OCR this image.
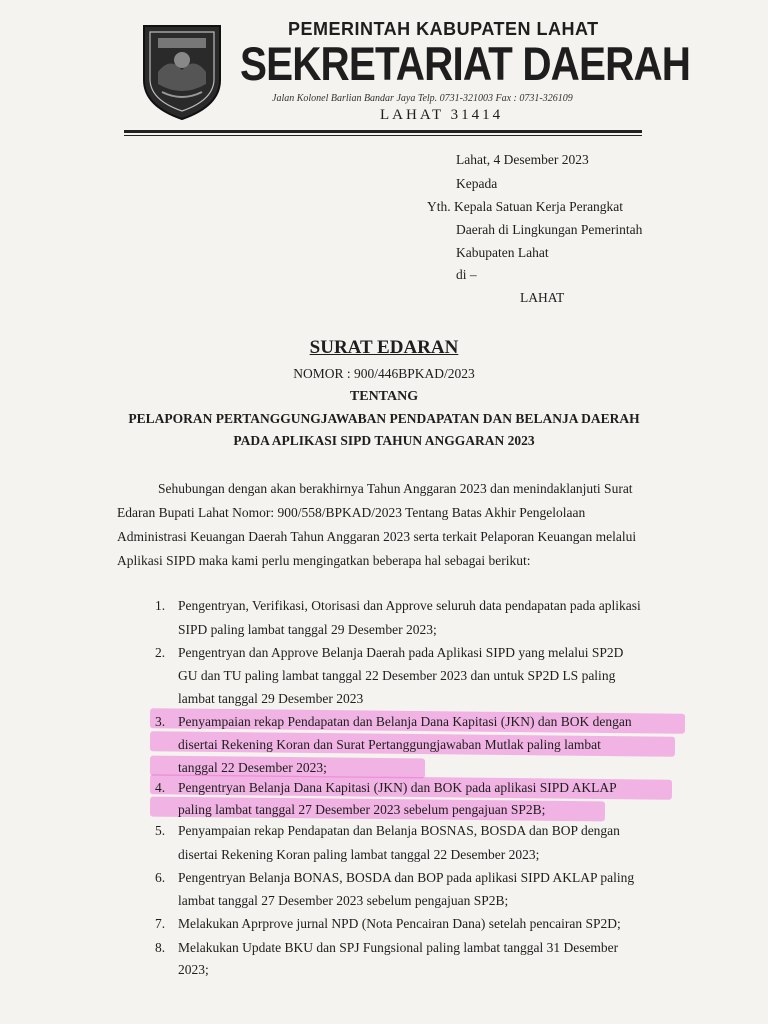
PEMERINTAH KABUPATEN LAHAT
SEKRETARIAT DAERAH
Jalan Kolonel Barlian Bandar Jaya Telp. 0731-321003 Fax : 0731-326109
LAHAT 31414
Lahat, 4 Desember 2023
Kepada
Yth. Kepala Satuan Kerja Perangkat
Daerah di Lingkungan Pemerintah
Kabupaten Lahat
di –
LAHAT
SURAT EDARAN
NOMOR : 900/446BPKAD/2023
TENTANG
PELAPORAN PERTANGGUNGJAWABAN PENDAPATAN DAN BELANJA DAERAH
PADA APLIKASI SIPD TAHUN ANGGARAN 2023
Sehubungan dengan akan berakhirnya Tahun Anggaran 2023 dan menindaklanjuti Surat
Edaran Bupati Lahat Nomor: 900/558/BPKAD/2023 Tentang Batas Akhir Pengelolaan
Administrasi Keuangan Daerah Tahun Anggaran 2023 serta terkait Pelaporan Keuangan melalui
Aplikasi SIPD maka kami perlu mengingatkan beberapa hal sebagai berikut:
1. Pengentryan, Verifikasi, Otorisasi dan Approve seluruh data pendapatan pada aplikasi
SIPD paling lambat tanggal 29 Desember 2023;
2. Pengentryan dan Approve Belanja Daerah pada Aplikasi SIPD yang melalui SP2D
GU dan TU paling lambat tanggal 22 Desember 2023 dan untuk SP2D LS paling
lambat tanggal 29 Desember 2023
3. Penyampaian rekap Pendapatan dan Belanja Dana Kapitasi (JKN) dan BOK dengan
disertai Rekening Koran dan Surat Pertanggungjawaban Mutlak paling lambat
tanggal 22 Desember 2023;
4. Pengentryan Belanja Dana Kapitasi (JKN) dan BOK pada aplikasi SIPD AKLAP
paling lambat tanggal 27 Desember 2023 sebelum pengajuan SP2B;
5. Penyampaian rekap Pendapatan dan Belanja BOSNAS, BOSDA dan BOP dengan
disertai Rekening Koran paling lambat tanggal 22 Desember 2023;
6. Pengentryan Belanja BONAS, BOSDA dan BOP pada aplikasi SIPD AKLAP paling
lambat tanggal 27 Desember 2023 sebelum pengajuan SP2B;
7. Melakukan Aprprove jurnal NPD (Nota Pencairan Dana) setelah pencairan SP2D;
8. Melakukan Update BKU dan SPJ Fungsional paling lambat tanggal 31 Desember
2023;
